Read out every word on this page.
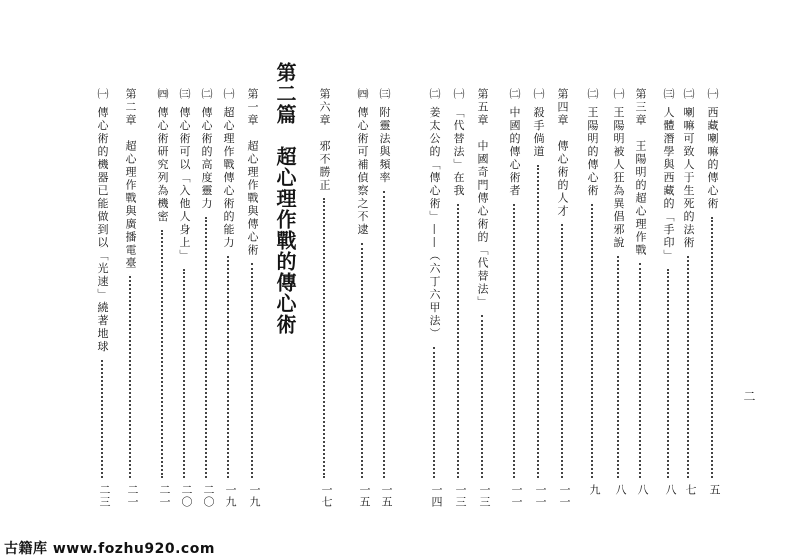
㈠ 西藏喇嘛的傳心術
五
㈡ 喇嘛可致人于生死的法術
七
㈢ 人體潛學與西藏的「手印」
八
第三章　王陽明的超心理作戰
八
㈠ 王陽明被人狂為異倡邪說
八
㈡ 王陽明的傳心術
九
第四章　傳心術的人才
一一
㈠ 殺手倘道
一一
㈡ 中國的傳心術者
一一
第五章　中國奇門傳心術的「代替法」
一三
㈠ 「代替法」在我
一三
㈡ 姜太公的「傳心術」——（六丁六甲法）
一四
㈢ 附靈法與頻率
一五
㈣ 傳心術可補偵察之不逮
一五
第六章　邪不勝正
一七
第二篇　超心理作戰的傳心術
第一章　超心理作戰與傳心術
一九
㈠ 超心理作戰傳心術的能力
一九
㈡ 傳心術的高度靈力
二〇
㈢ 傳心術可以「入他人身上」
二〇
㈣ 傳心術研究列為機密
二一
第二章　超心理作戰與廣播電臺
二一
㈠ 傳心術的機器已能做到以「光速」繞著地球
二三
二
古籍库 www.fozhu920.com
